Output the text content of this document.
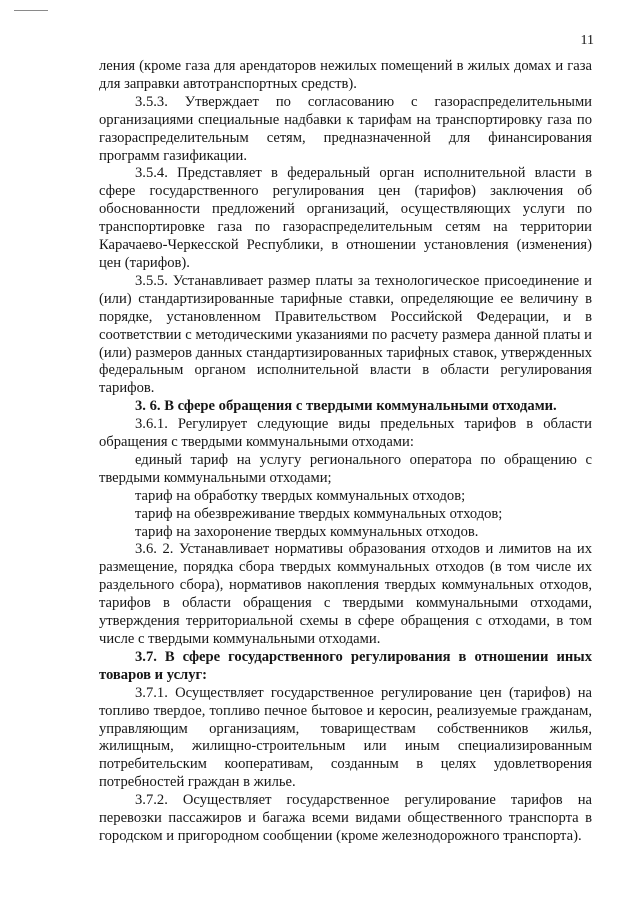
11

ления (кроме газа для арендаторов нежилых помещений в жилых домах и газа для заправки автотранспортных средств).

3.5.3. Утверждает по согласованию с газораспределительными организациями специальные надбавки к тарифам на транспортировку газа по газораспределительным сетям, предназначенной для финансирования программ газификации.

3.5.4. Представляет в федеральный орган исполнительной власти в сфере государственного регулирования цен (тарифов) заключения об обоснованности предложений организаций, осуществляющих услуги по транспортировке газа по газораспределительным сетям на территории Карачаево-Черкесской Республики, в отношении установления (изменения) цен (тарифов).

3.5.5. Устанавливает размер платы за технологическое присоединение и (или) стандартизированные тарифные ставки, определяющие ее величину в порядке, установленном Правительством Российской Федерации, и в соответствии с методическими указаниями по расчету размера данной платы и (или) размеров данных стандартизированных тарифных ставок, утвержденных федеральным органом исполнительной власти в области регулирования тарифов.

3. 6. В сфере обращения с твердыми коммунальными отходами.

3.6.1. Регулирует следующие виды предельных тарифов в области обращения с твердыми коммунальными отходами:

единый тариф на услугу регионального оператора по обращению с твердыми коммунальными отходами;

тариф на обработку твердых коммунальных отходов;

тариф на обезвреживание твердых коммунальных отходов;

тариф на захоронение твердых коммунальных отходов.

3.6. 2. Устанавливает нормативы образования отходов и лимитов на их размещение, порядка сбора твердых коммунальных отходов (в том числе их раздельного сбора), нормативов накопления твердых коммунальных отходов, тарифов в области обращения с твердыми коммунальными отходами, утверждения территориальной схемы в сфере обращения с отходами, в том числе с твердыми коммунальными отходами.

3.7. В сфере государственного регулирования в отношении иных товаров и услуг:

3.7.1. Осуществляет государственное регулирование цен (тарифов) на топливо твердое, топливо печное бытовое и керосин, реализуемые гражданам, управляющим организациям, товариществам собственников жилья, жилищным, жилищно-строительным или иным специализированным потребительским кооперативам, созданным в целях удовлетворения потребностей граждан в жилье.

3.7.2. Осуществляет государственное регулирование тарифов на перевозки пассажиров и багажа всеми видами общественного транспорта в городском и пригородном сообщении (кроме железнодорожного транспорта).
